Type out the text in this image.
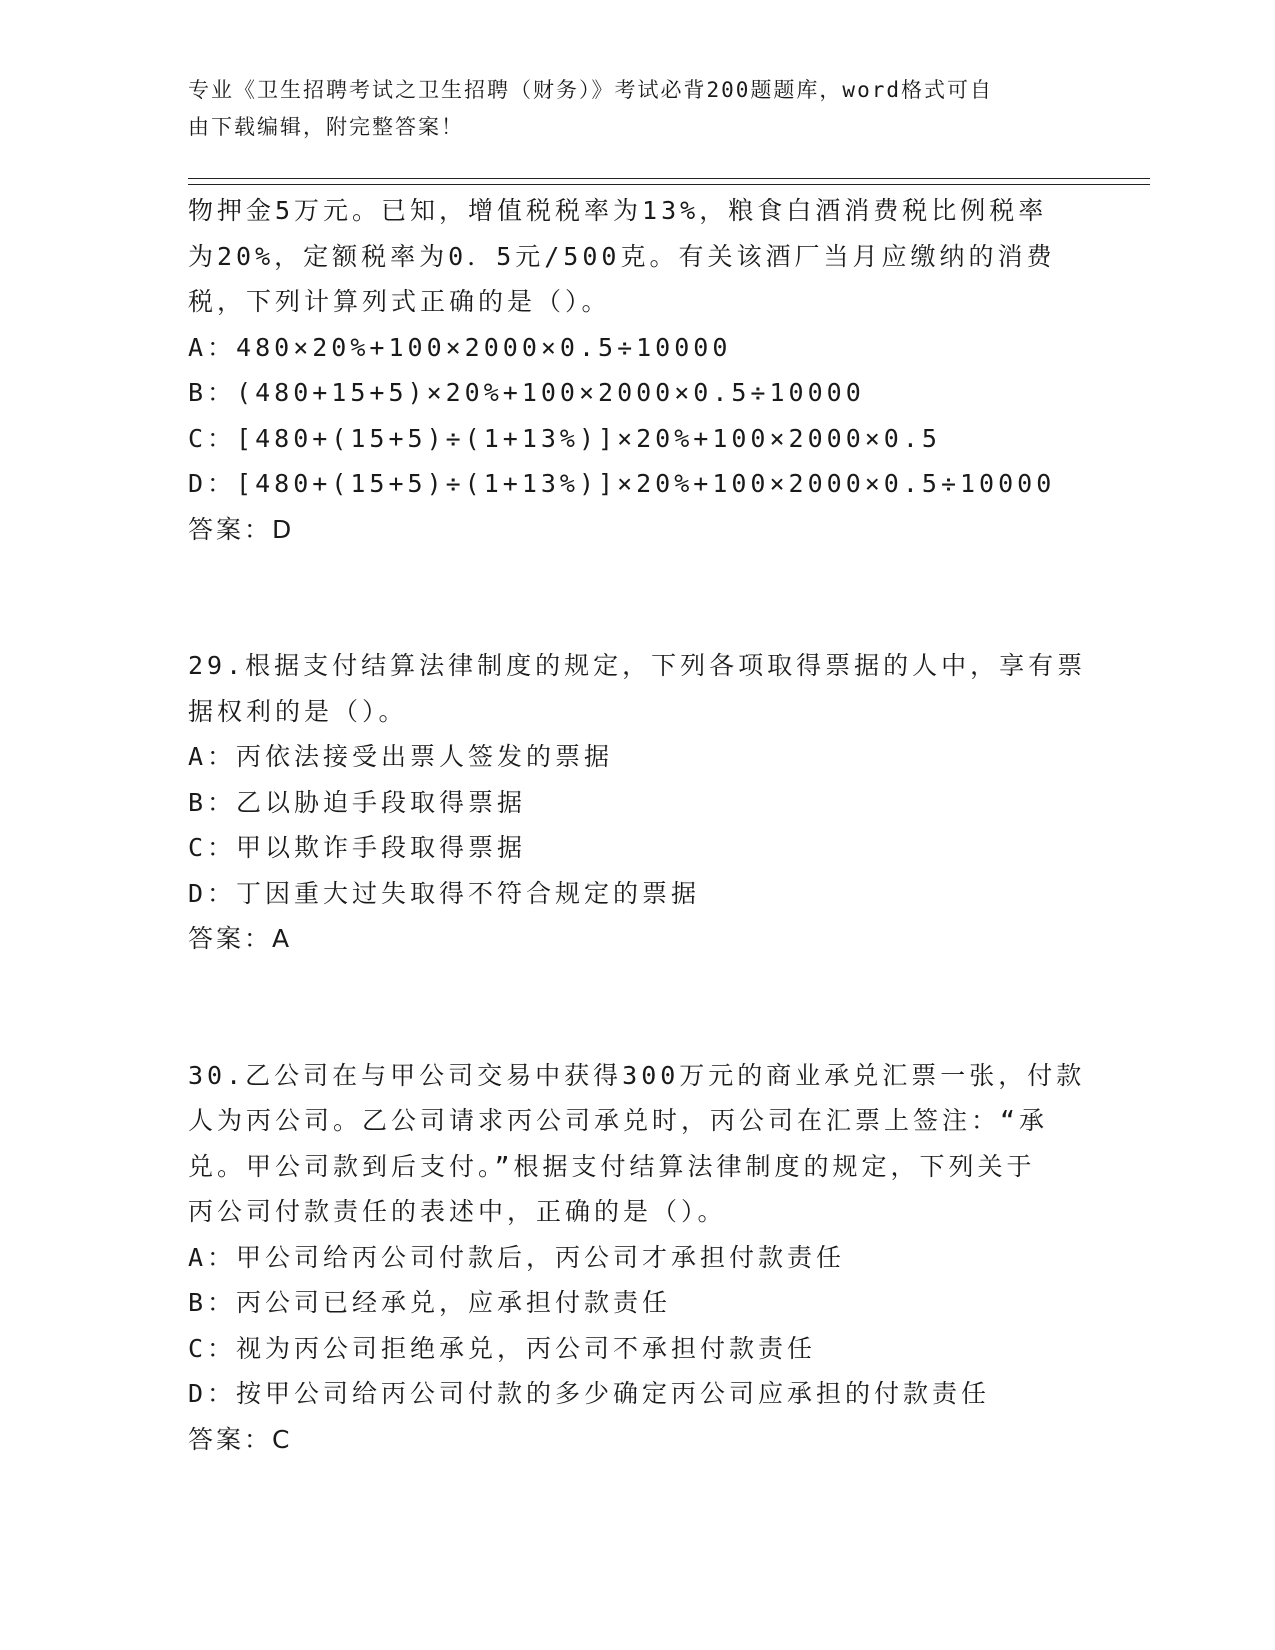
专业《卫生招聘考试之卫生招聘（财务）》考试必背200题题库，word格式可自
由下载编辑，附完整答案！
物押金5万元。已知，增值税税率为13%，粮食白酒消费税比例税率
为20%，定额税率为0．5元/500克。有关该酒厂当月应缴纳的消费
税，下列计算列式正确的是（）。
A：480×20%+100×2000×0.5÷10000
B：(480+15+5)×20%+100×2000×0.5÷10000
C：[480+(15+5)÷(1+13%)]×20%+100×2000×0.5
D：[480+(15+5)÷(1+13%)]×20%+100×2000×0.5÷10000
答案：D
29.根据支付结算法律制度的规定，下列各项取得票据的人中，享有票
据权利的是（）。
A：丙依法接受出票人签发的票据
B：乙以胁迫手段取得票据
C：甲以欺诈手段取得票据
D：丁因重大过失取得不符合规定的票据
答案：A
30.乙公司在与甲公司交易中获得300万元的商业承兑汇票一张，付款
人为丙公司。乙公司请求丙公司承兑时，丙公司在汇票上签注：“承
兑。甲公司款到后支付。”根据支付结算法律制度的规定，下列关于
丙公司付款责任的表述中，正确的是（）。
A：甲公司给丙公司付款后，丙公司才承担付款责任
B：丙公司已经承兑，应承担付款责任
C：视为丙公司拒绝承兑，丙公司不承担付款责任
D：按甲公司给丙公司付款的多少确定丙公司应承担的付款责任
答案：C
